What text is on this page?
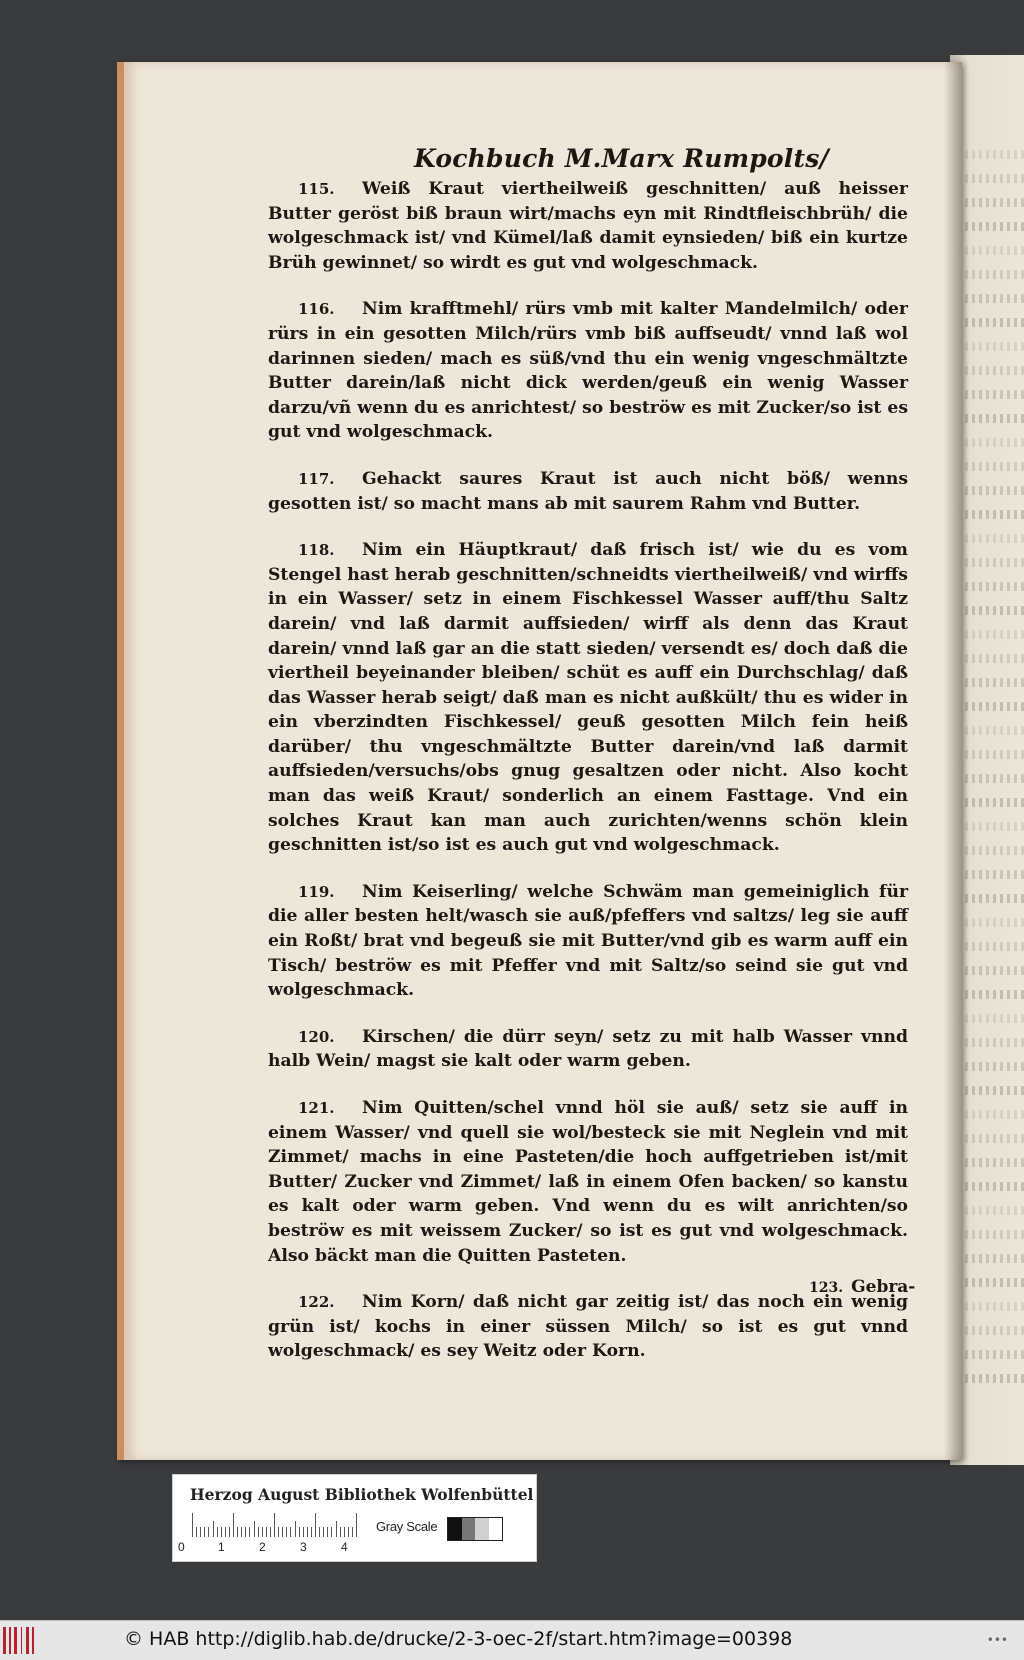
Kochbuch M.Marx Rumpolts/

115. Weiß Kraut viertheilweiß geschnitten/ auß heisser Butter geröst biß braun wirt/machs eyn mit Rindtfleischbrüh/ die wolgeschmack ist/ vnd Kümel/laß damit eynsieden/ biß ein kurtze Brüh gewinnet/ so wirdt es gut vnd wolgeschmack.

116. Nim krafftmehl/ rürs vmb mit kalter Mandelmilch/ oder rürs in ein gesotten Milch/rürs vmb biß auffseudt/ vnnd laß wol darinnen sieden/ mach es süß/vnd thu ein wenig vngeschmältzte Butter darein/laß nicht dick werden/geuß ein wenig Wasser darzu/vñ wenn du es anrichtest/ so beströw es mit Zucker/so ist es gut vnd wolgeschmack.

117. Gehackt saures Kraut ist auch nicht böß/ wenns gesotten ist/ so macht mans ab mit saurem Rahm vnd Butter.

118. Nim ein Häuptkraut/ daß frisch ist/ wie du es vom Stengel hast herab geschnitten/schneidts viertheilweiß/ vnd wirffs in ein Wasser/ setz in einem Fischkessel Wasser auff/thu Saltz darein/ vnd laß darmit auffsieden/ wirff als denn das Kraut darein/ vnnd laß gar an die statt sieden/ versendt es/ doch daß die viertheil beyeinander bleiben/ schüt es auff ein Durchschlag/ daß das Wasser herab seigt/ daß man es nicht außkült/ thu es wider in ein vberzindten Fischkessel/ geuß gesotten Milch fein heiß darüber/ thu vngeschmältzte Butter darein/vnd laß darmit auffsieden/versuchs/obs gnug gesaltzen oder nicht. Also kocht man das weiß Kraut/ sonderlich an einem Fasttage. Vnd ein solches Kraut kan man auch zurichten/wenns schön klein geschnitten ist/so ist es auch gut vnd wolgeschmack.

119. Nim Keiserling/ welche Schwäm man gemeiniglich für die aller besten helt/wasch sie auß/pfeffers vnd saltzs/ leg sie auff ein Roßt/ brat vnd begeuß sie mit Butter/vnd gib es warm auff ein Tisch/ beströw es mit Pfeffer vnd mit Saltz/so seind sie gut vnd wolgeschmack.

120. Kirschen/ die dürr seyn/ setz zu mit halb Wasser vnnd halb Wein/ magst sie kalt oder warm geben.

121. Nim Quitten/schel vnnd höl sie auß/ setz sie auff in einem Wasser/ vnd quell sie wol/besteck sie mit Neglein vnd mit Zimmet/ machs in eine Pasteten/die hoch auffgetrieben ist/mit Butter/ Zucker vnd Zimmet/ laß in einem Ofen backen/ so kanstu es kalt oder warm geben. Vnd wenn du es wilt anrichten/so beströw es mit weissem Zucker/ so ist es gut vnd wolgeschmack. Also bäckt man die Quitten Pasteten.

122. Nim Korn/ daß nicht gar zeitig ist/ das noch ein wenig grün ist/ kochs in einer süssen Milch/ so ist es gut vnnd wolgeschmack/ es sey Weitz oder Korn.

123. Gebra-
Herzog August Bibliothek Wolfenbüttel
0	1	2	3	4
Gray Scale
© HAB http://diglib.hab.de/drucke/2-3-oec-2f/start.htm?image=00398	•••
